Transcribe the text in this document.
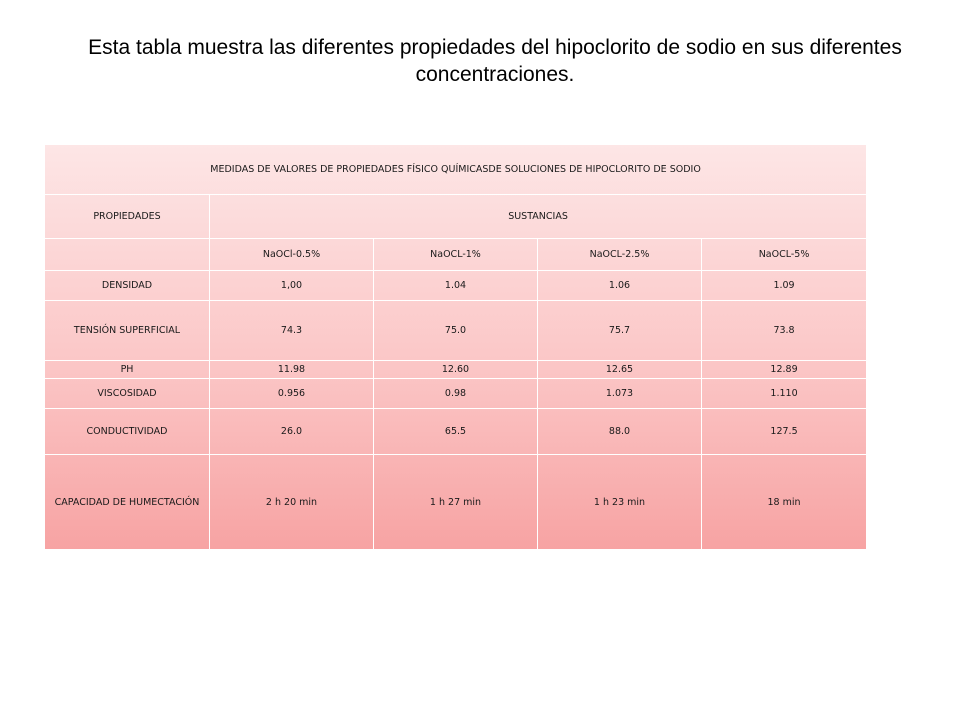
Esta tabla muestra las diferentes propiedades del hipoclorito de sodio en sus diferentes concentraciones.
MEDIDAS DE VALORES DE PROPIEDADES FÍSICO QUÍMICASDE SOLUCIONES DE HIPOCLORITO DE SODIO				
PROPIEDADES	SUSTANCIAS			
	NaOCl-0.5%	NaOCL-1%	NaOCL-2.5%	NaOCL-5%
DENSIDAD	1,00	1.04	1.06	1.09
TENSIÓN SUPERFICIAL	74.3	75.0	75.7	73.8
PH	11.98	12.60	12.65	12.89
VISCOSIDAD	0.956	0.98	1.073	1.110
CONDUCTIVIDAD	26.0	65.5	88.0	127.5
CAPACIDAD DE HUMECTACIÓN	2 h 20 min	1 h 27 min	1 h 23 min	18 min
